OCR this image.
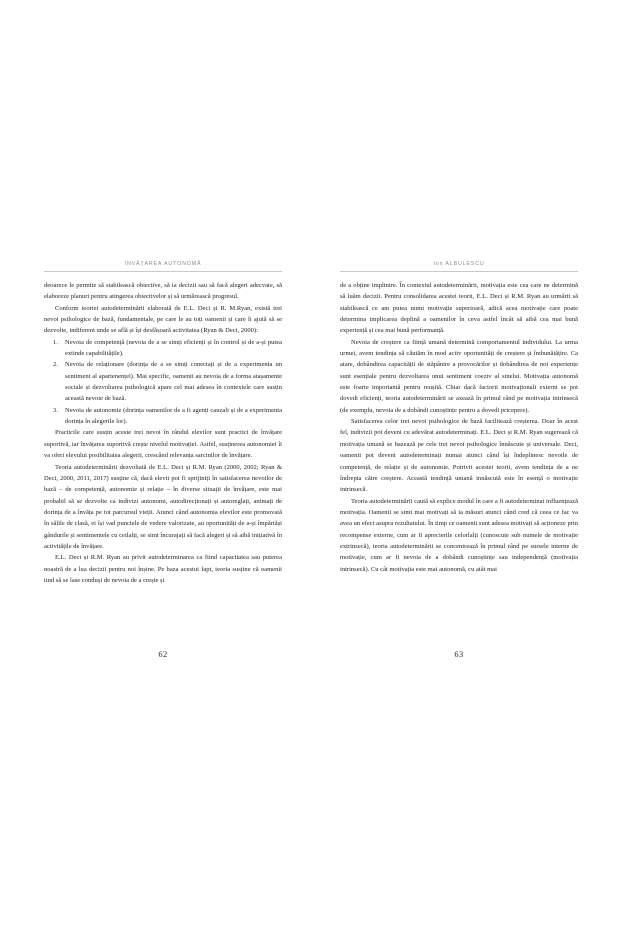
ÎNVĂȚAREA AUTONOMĂ

deoarece le permite să stabilească obiective, să ia decizii sau să facă alegeri adecvate, să elaboreze planuri pentru atingerea obiectivelor și să urmărească progresul.

Conform teoriei autodeterminării elaborată de E.L. Deci și R. M.Ryan, există trei nevoi psihologice de bază, fundamentale, pe care le au toți oamenii și care îi ajută să se dezvolte, indiferent unde se află și își desfășoară activitatea (Ryan & Deci, 2000):

Nevoia de competență (nevoia de a se simți eficienți și în control și de a-și putea extinde capabilitățile).
Nevoia de relaționare (dorința de a se simți conectați și de a experimenta un sentiment al apartenenței). Mai specific, oamenii au nevoia de a forma atașamente sociale și dezvoltarea psihologică apare cel mai adesea în contextele care susțin această nevoie de bază.
Nevoia de autonomie (dorința oamenilor de a fi agenți cauzali și de a experimenta dorința în alegerile lor).

Practicile care susțin aceste trei nevoi în rândul elevilor sunt practici de învățare suportivă, iar învățarea suportivă crește nivelul motivației. Astfel, susținerea autonomiei îi va oferi elevului posibilitatea alegerii, crescând relevanța sarcinilor de învățare.

Teoria autodeterminării dezvoltată de E.L. Deci și R.M. Ryan (2000, 2002; Ryan & Deci, 2000, 2011, 2017) susține că, dacă elevii pot fi sprijiniți în satisfacerea nevoilor de bază – de competență, autonomie și relație – în diverse situații de învățare, este mai probabil să se dezvolte ca indivizi autonomi, autodirecționați și autoreglați, animați de dorința de a învăța pe tot parcursul vieții. Atunci când autonomia elevilor este promovată în sălile de clasă, ei își vad punctele de vedere valorizate, au oportunități de a-și împărtăși gândurile și sentimentele cu ceilalți, se simt încurajați să facă alegeri și să aibă inițiativă în activitățile de învățare.

E.L. Deci și R.M. Ryan au privit autodeterminarea ca fiind capacitatea sau puterea noastră de a lua decizii pentru noi înșine. Pe baza acestui fapt, teoria susține că oamenii tind să se lase conduși de nevoia de a crește și

Ion ALBULESCU

de a obține implinire. În contextul autodeterminării, motivația este cea care ne determină să luăm decizii. Pentru consolidarea acestei teorii, E.L. Deci și R.M. Ryan au urmărit să stabilească ce am putea numi motivație superioară, adică acea motivație care poate determina implicarea deplină a oamenilor în ceva astfel încât să aibă cea mai bună experiență și cea mai bună performanță.

Nevoia de creștere ca ființă umană determină comportamentul individului. La urma urmei, avem tendința să căutăm în mod activ oportunități de creștere și îmbunătățire. Ca atare, dobândirea capacității de stăpânire a provocărilor și dobândirea de noi experiențe sunt esențiale pentru dezvoltarea unui sentiment coeziv al sinelui. Motivația autonomă este foarte importantă pentru reușită. Chiar dacă factorii motivaționali externi se pot dovedi eficienți, teoria autodeterminării se axează în primul rând pe motivația intrinsecă (de exemplu, nevoia de a dobândi cunoștințe pentru a dovedi pricepere).

Satisfacerea celor trei nevoi psihologice de bază facilitează creșterea. Doar în acest fel, indivizii pot deveni cu adevărat autodeterminați. E.L. Deci și R.M. Ryan sugerează că motivația umană se bazează pe cele trei nevoi psihologice înnăscute și universale. Deci, oamenii pot deveni autodeterminați numai atunci când își îndeplinesc nevoile de competență, de relație și de autonomie. Potrivit acestei teorii, avem tendința de a ne îndrepta către creștere. Această tendință umană innăscută este în esență o motivație intrinsecă.

Teoria autodeterminării caută să explice modul în care a fi autodeterminat influențează motivația. Oamenii se simt mai motivați să ia măsuri atunci când cred că ceea ce fac va avea un efect asupra rezultatului. În timp ce oamenii sunt adesea motivați să acționeze prin recompense externe, cum ar fi aprecierile celorlalți (cunoscute sub numele de motivație extrinsecă), teoria autodeterminării se concentrează în primul rând pe sursele interne de motivație, cum ar fi nevoia de a dobândi cunoștințe sau independență (motivația intrinsecă). Cu cât motivația este mai autonomă, cu atât mai

62	63
